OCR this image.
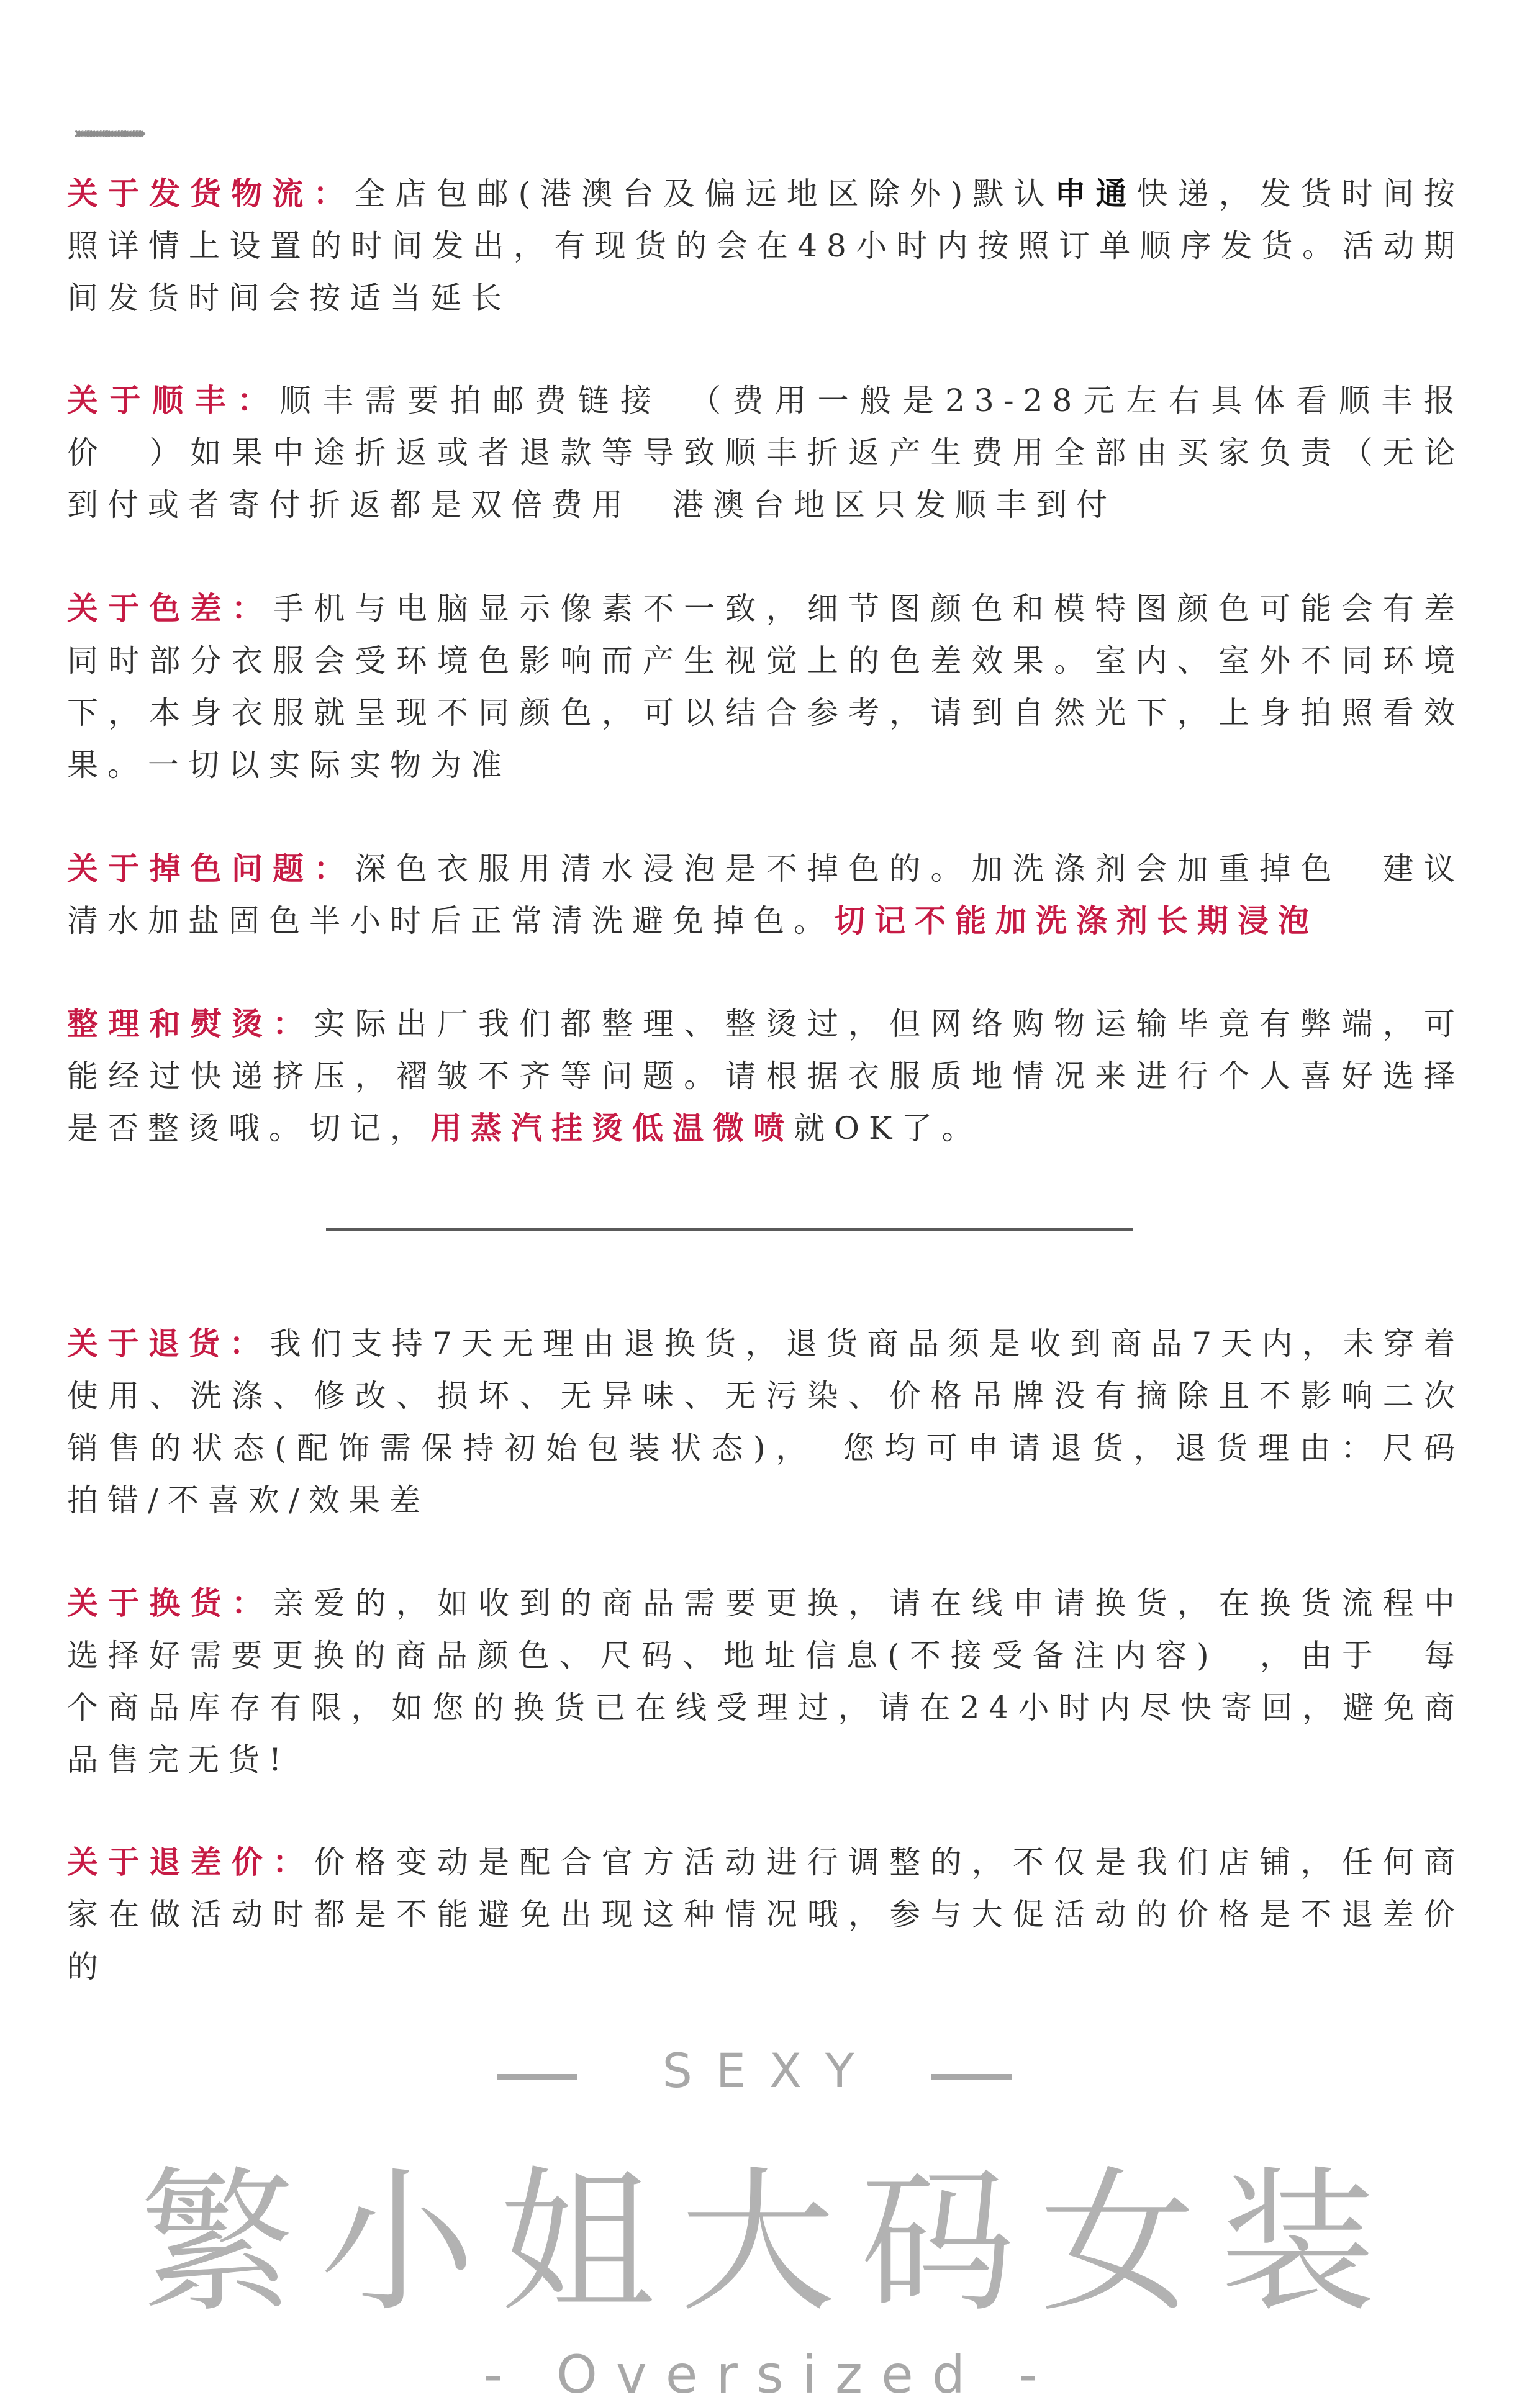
››››››››››››››››››››››››››››››››››››››››››››››
关于发货物流：全店包邮(港澳台及偏远地区除外)默认申通快递，发货时间按照详情上设置的时间发出，有现货的会在48小时内按照订单顺序发货。活动期间发货时间会按适当延长
关于顺丰：顺丰需要拍邮费链接　（费用一般是23-28元左右具体看顺丰报价　）如果中途折返或者退款等导致顺丰折返产生费用全部由买家负责（无论到付或者寄付折返都是双倍费用　港澳台地区只发顺丰到付
关于色差：手机与电脑显示像素不一致，细节图颜色和模特图颜色可能会有差同时部分衣服会受环境色影响而产生视觉上的色差效果。室内、室外不同环境下，本身衣服就呈现不同颜色，可以结合参考，请到自然光下，上身拍照看效果。一切以实际实物为准
关于掉色问题：深色衣服用清水浸泡是不掉色的。加洗涤剂会加重掉色　建议清水加盐固色半小时后正常清洗避免掉色。切记不能加洗涤剂长期浸泡
整理和熨烫：实际出厂我们都整理、整烫过，但网络购物运输毕竟有弊端，可能经过快递挤压，褶皱不齐等问题。请根据衣服质地情况来进行个人喜好选择是否整烫哦。切记，用蒸汽挂烫低温微喷就OK了。
关于退货：我们支持7天无理由退换货，退货商品须是收到商品7天内，未穿着使用、洗涤、修改、损坏、无异味、无污染、价格吊牌没有摘除且不影响二次销售的状态(配饰需保持初始包装状态)，　您均可申请退货，退货理由：尺码拍错/不喜欢/效果差
关于换货：亲爱的，如收到的商品需要更换，请在线申请换货，在换货流程中选择好需要更换的商品颜色、尺码、地址信息(不接受备注内容)　，由于　每个商品库存有限，如您的换货已在线受理过，请在24小时内尽快寄回，避免商品售完无货!
关于退差价：价格变动是配合官方活动进行调整的，不仅是我们店铺，任何商家在做活动时都是不能避免出现这种情况哦，参与大促活动的价格是不退差价的
SEXY
繁小姐大码女装
- Oversized -
